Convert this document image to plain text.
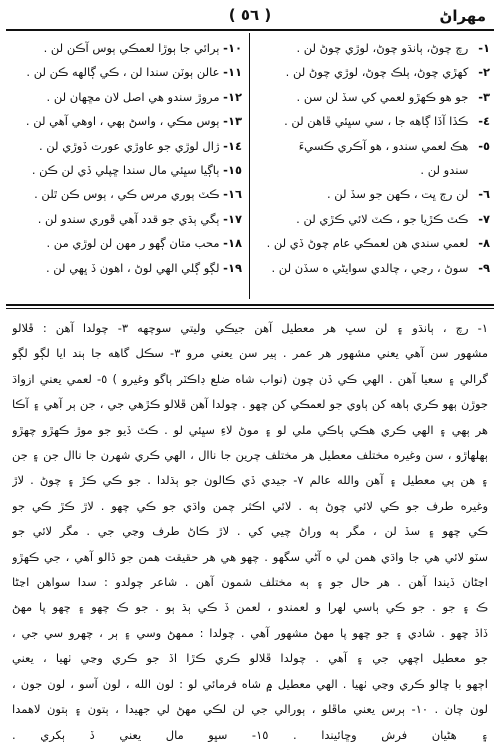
مهراڻ
( ٥٦ )
١- رچ چوڻ، ٻانڌو چوڻ، لوڙي چوڻ لن .
٢- کھڙي چوڻ، ٻلڪ چوڻ، لوڙي چوڻ لن .
٣- جو هو ڪھڙو لعمي کي سڏ لن سن .
٤- ڪڏا آڏا ڳاهه جا ، سي سڀئي ڦاهن لن .
٥- ھڪ لعمي سندو ، ھو آڪري ڪسيءَ
سندو لن .
٦- لن رڄ ڀت ، ڪهن جو سڏ لن .
٧- ڪٽ ڪڙيا جو ، ڪٽ لائي ڪڙي لن .
٨- لعمي سندي هن لعمڪي عام چوڻ ڏي لن .
٩- سوڻ ، رڃي ، چالدي سوايڻي ه سڏن لن .
١٠- ٻرائي جا ٻوڙا لعمڪي ٻوس آڪن لن .
١١- عالن ٻوٽن سندا لن ، ڪي ڳالهه ڪن لن .
١٢- مروڙ سندو هي اصل لان مڇهان لن .
١٣- ٻوس مڪي ، واسڻ ٻهي ، اوهي آهي لن .
١٤- ژال لوڙي جو عاوڙي عورت ڏوڙي لن .
١٥- ٻاڳيا سڀئي مال سندا ڇپلي ڏي لن ڪن .
١٦- ڪٽ ٻوري مرس ڪي ، ٻوس ڪن ٿلن .
١٧- ٻگي ٻڌي جو قدد آهي ڦوري سندو لن .
١٨- محب متان ڳهو ر مهن لن لوڙي من .
١٩- لڳو ڳلي الهي لوڻ ، اهون ڏ ڀهي لن .
١- رچ ، ٻانڌو ۽ لن سڀ ھر معطيل آهن جيڪي وليتي سوچهه ٣- چولدا آهن : ڦلالو
مشھور سن آهي يعني مشھور هر عمر . ٻير سن يعني مرو ٣- سڪل گاھه جا ٻند ايا لڳو لڳو
گرالي ۽ سعيا آهن . الهي ڪي ڏن چون (نواب شاه ضلع ڊاڪٽر ٻاگو وغيرو ) ٥- لعمي يعني ازواڌ
جوڙن ٻهو ڪري ٻاهه کن ٻاوي جو لعمڪي کن چهو . چولدا آهن ڦلالو ڪڙهي جي ، جن ٻر آهي ۽ آڪا
ھر ٻهي ۽ الهي ڪري ھڪي ٻاڪي ملي لو ۽ موڻ لاءِ سڀئي لو . ڪٽ ڏيو جو موڙ ڪهڙو چهڙو
ٻهلهاڙو ، سن وغيره مختلف معطيل ھر مختلف چرين جا ناال ، الهي ڪري شهرن جا ناال جن ۽ جن
۽ ھن ٻي معطيل ۽ آهن والله عالم ٧- جيدي ڏي ڪالون جو ٻڌلدا . جو ڪي ڪڙ ۽ چوڻ . لاڙ
وغيره طرف جو ڪي لائي چوڻ ٻه . لائي اڪثر چمن واڌي جو ڪي چهو . لاڙ ڪڙ ڪي جو
ڪي چهو ۽ سڏ لن ، مگر ٻه وراڻ چيي کي . لاڙ ڪاڻ طرف وڃي جي . مگر لائي جو
سٽو لائي هي جا واڌي ھمن لي ه آڻي سگهو . چهو هي ھر حقيقت ھمن جو ڏالو آهي ، جي ڪهڙو
اڃڻان ڏيندا آهن . هر حال جو ۽ ٻه مختلف شمون آهن . شاعر چولدو : سدا سواهن اڃڻا
ڪ ۽ جو . جو ڪي ٻاسي لهرا و لعمندو ، لعمن ڏ ڪي ٻڌ ٻو . جو ڪ چهو ۽ چهو پا مهڻ
ڏاڏ چهو . شادي ۽ جو چهو پا مهڻ مشهور آهي . چولدا : ممهڻ وسي ۽ ٻر ، چهرو سي جي ،
جو معطيل اچهي جي ۽ آهي . چولدا ڦلالو ڪري ڪڙا اڏ جو ڪري وڃي ٺهيا ، يعني
اڄهو با ڇالو ڪري وڃي ٺهيا . الهي معطيل ۾ شاه فرمائي لو : لون الله ، لون آسو ، لون جون ،
لون چان . ١٠- ٻرس يعني ماڦلو ، ٻورالي جي لن لڪي مهڻ لي جهيدا ، ٻتون ۽ ٻتون لاهمدا
۽ هڻيان فرش وڇائيندا . ١٥- سڀو مال يعني ڏ ٻکري .
